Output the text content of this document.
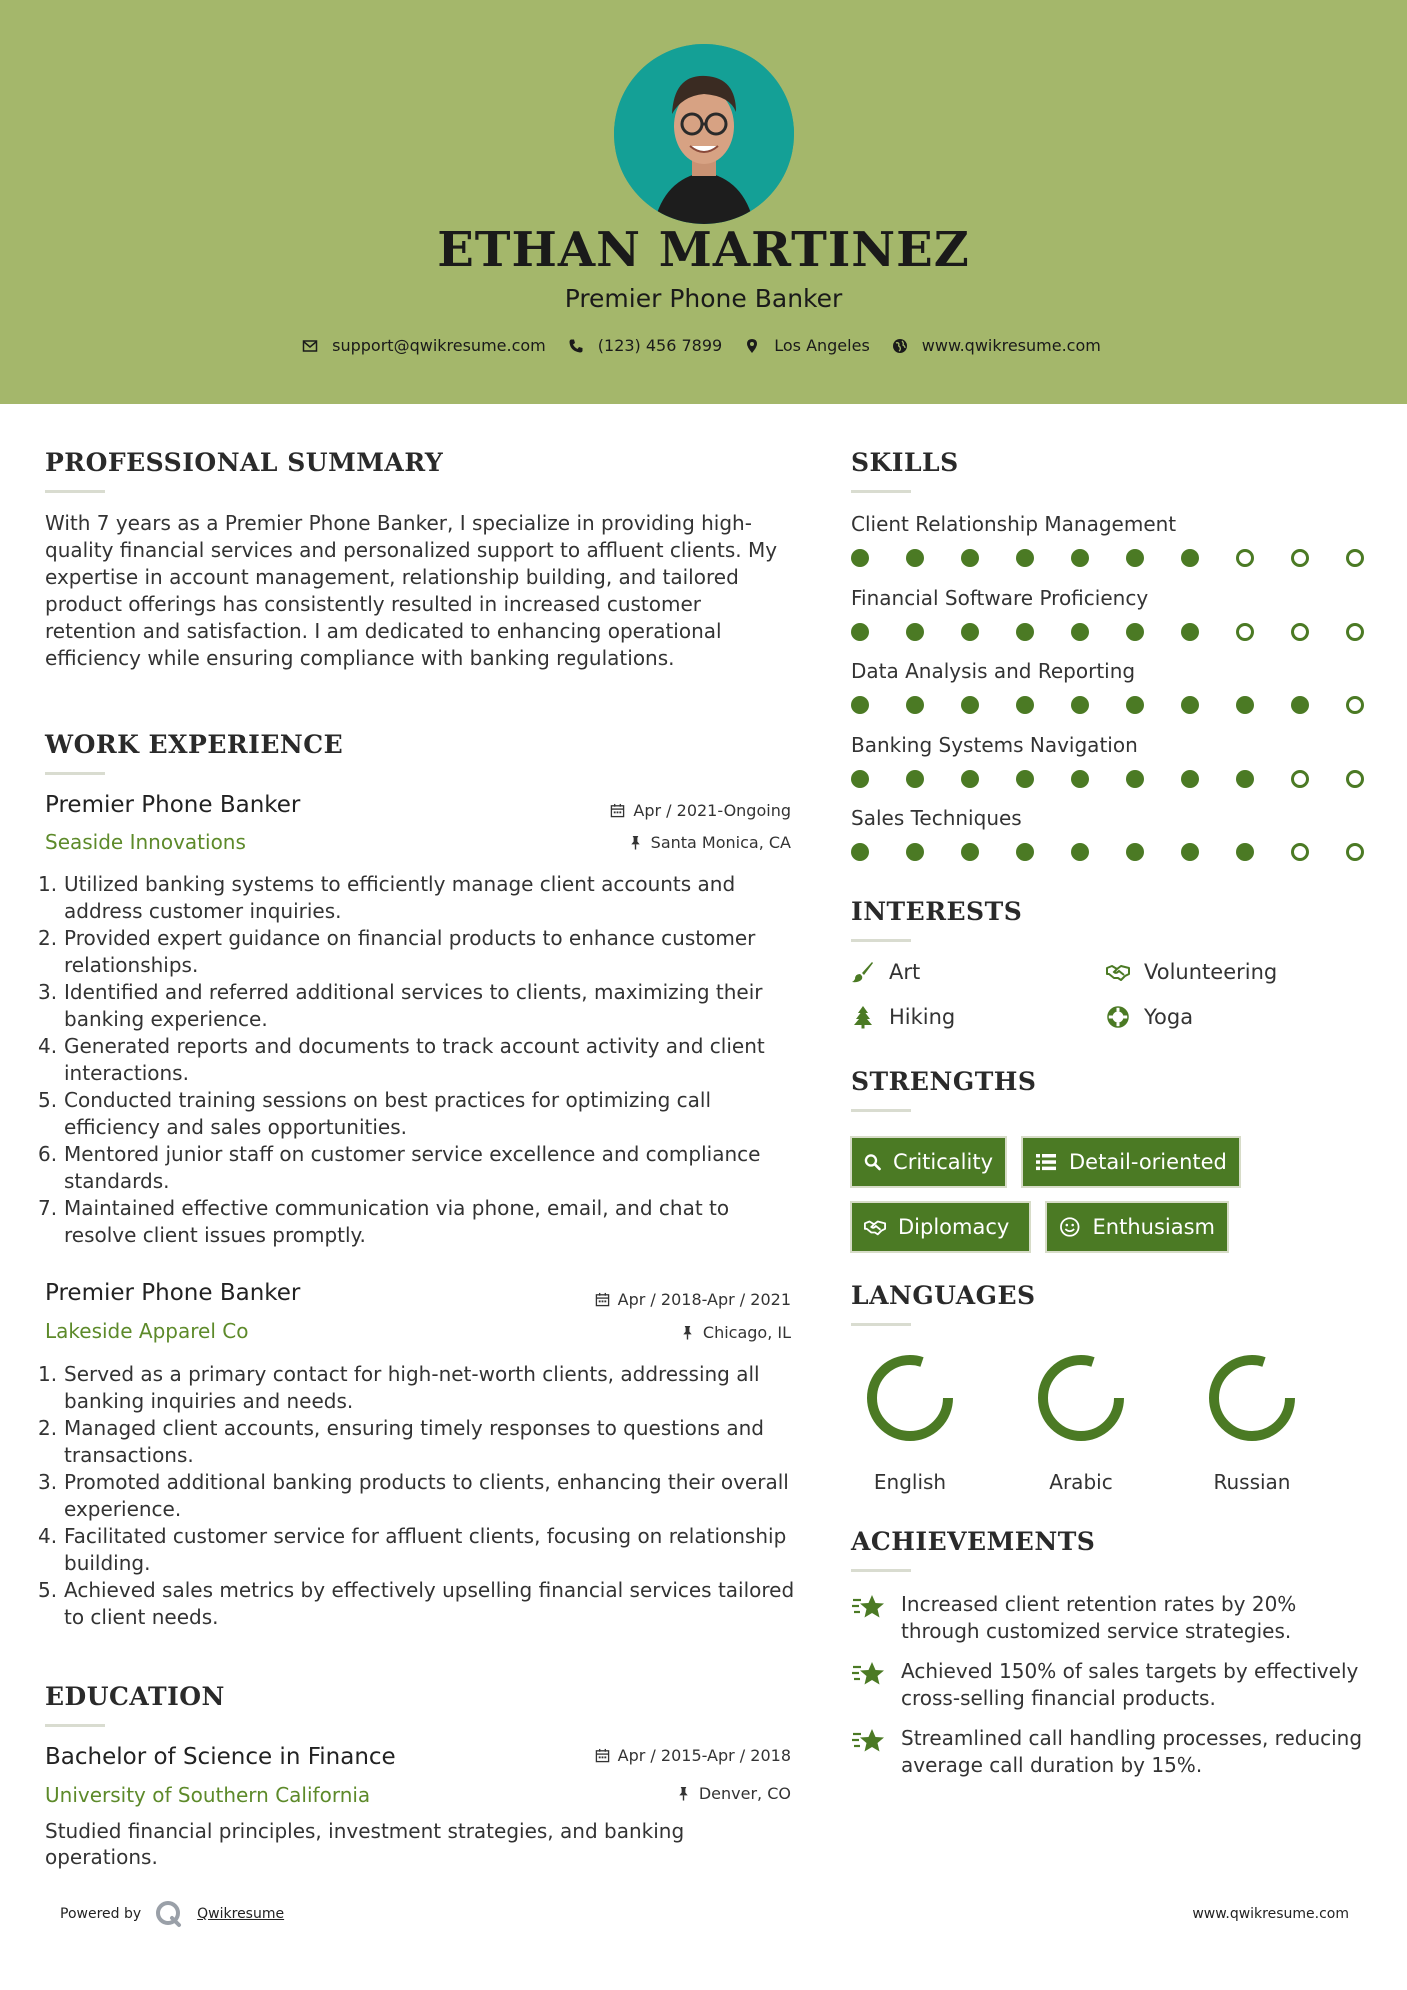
ETHAN MARTINEZ
Premier Phone Banker
support@qwikresume.com	(123) 456 7899	Los Angeles	www.qwikresume.com
PROFESSIONAL SUMMARY
With 7 years as a Premier Phone Banker, I specialize in providing high-quality financial services and personalized support to affluent clients. My expertise in account management, relationship building, and tailored product offerings has consistently resulted in increased customer retention and satisfaction. I am dedicated to enhancing operational efficiency while ensuring compliance with banking regulations.
WORK EXPERIENCE
Premier Phone Banker
Seaside Innovations
Apr / 2021-Ongoing
Santa Monica, CA
1. Utilized banking systems to efficiently manage client accounts and address customer inquiries.
2. Provided expert guidance on financial products to enhance customer relationships.
3. Identified and referred additional services to clients, maximizing their banking experience.
4. Generated reports and documents to track account activity and client interactions.
5. Conducted training sessions on best practices for optimizing call efficiency and sales opportunities.
6. Mentored junior staff on customer service excellence and compliance standards.
7. Maintained effective communication via phone, email, and chat to resolve client issues promptly.
Premier Phone Banker
Lakeside Apparel Co
Apr / 2018-Apr / 2021
Chicago, IL
1. Served as a primary contact for high-net-worth clients, addressing all banking inquiries and needs.
2. Managed client accounts, ensuring timely responses to questions and transactions.
3. Promoted additional banking products to clients, enhancing their overall experience.
4. Facilitated customer service for affluent clients, focusing on relationship building.
5. Achieved sales metrics by effectively upselling financial services tailored to client needs.
EDUCATION
Bachelor of Science in Finance
University of Southern California
Apr / 2015-Apr / 2018
Denver, CO
Studied financial principles, investment strategies, and banking operations.
SKILLS
Client Relationship Management
Financial Software Proficiency
Data Analysis and Reporting
Banking Systems Navigation
Sales Techniques
INTERESTS
Art	Volunteering
Hiking	Yoga
STRENGTHS
Criticality	Detail-oriented
Diplomacy	Enthusiasm
LANGUAGES
English	Arabic	Russian
ACHIEVEMENTS
Increased client retention rates by 20% through customized service strategies.
Achieved 150% of sales targets by effectively cross-selling financial products.
Streamlined call handling processes, reducing average call duration by 15%.
Powered by	Qwikresume	www.qwikresume.com
